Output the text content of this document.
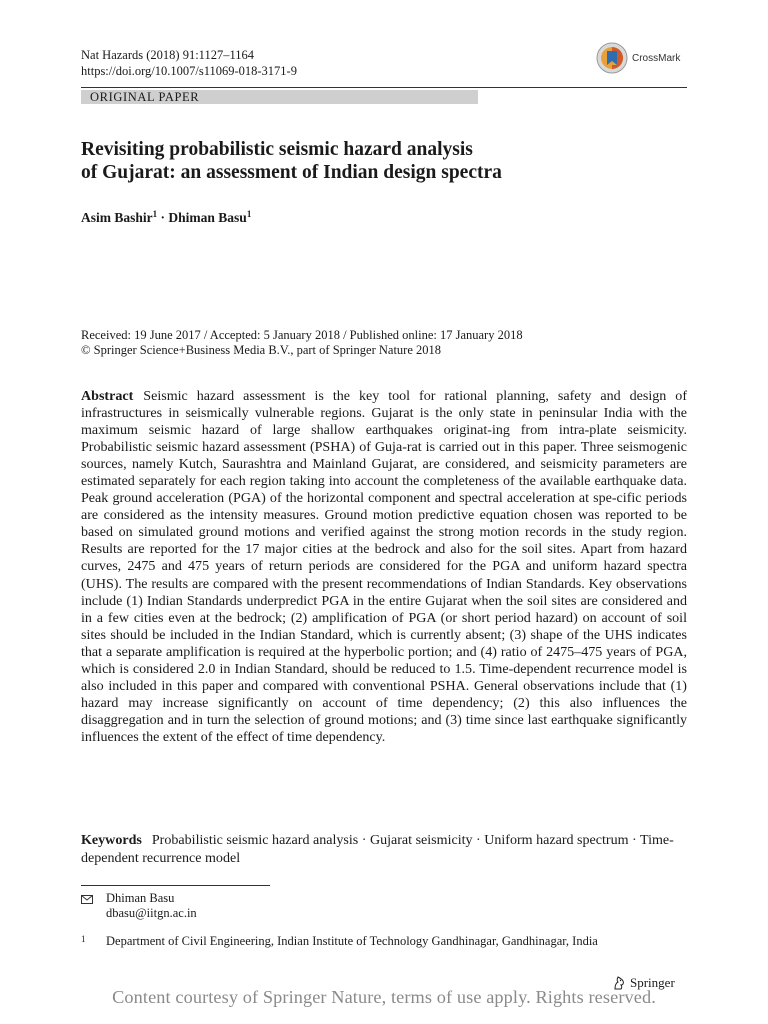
Nat Hazards (2018) 91:1127–1164
https://doi.org/10.1007/s11069-018-3171-9
CrossMark
ORIGINAL PAPER
Revisiting probabilistic seismic hazard analysis
of Gujarat: an assessment of Indian design spectra
Asim Bashir$^1$ · Dhiman Basu$^1$
Received: 19 June 2017 / Accepted: 5 January 2018 / Published online: 17 January 2018
© Springer Science+Business Media B.V., part of Springer Nature 2018
Abstract Seismic hazard assessment is the key tool for rational planning, safety and design of infrastructures in seismically vulnerable regions. Gujarat is the only state in peninsular India with the maximum seismic hazard of large shallow earthquakes originat-ing from intra-plate seismicity. Probabilistic seismic hazard assessment (PSHA) of Guja-rat is carried out in this paper. Three seismogenic sources, namely Kutch, Saurashtra and Mainland Gujarat, are considered, and seismicity parameters are estimated separately for each region taking into account the completeness of the available earthquake data. Peak ground acceleration (PGA) of the horizontal component and spectral acceleration at spe-cific periods are considered as the intensity measures. Ground motion predictive equation chosen was reported to be based on simulated ground motions and verified against the strong motion records in the study region. Results are reported for the 17 major cities at the bedrock and also for the soil sites. Apart from hazard curves, 2475 and 475 years of return periods are considered for the PGA and uniform hazard spectra (UHS). The results are compared with the present recommendations of Indian Standards. Key observations include (1) Indian Standards underpredict PGA in the entire Gujarat when the soil sites are considered and in a few cities even at the bedrock; (2) amplification of PGA (or short period hazard) on account of soil sites should be included in the Indian Standard, which is currently absent; (3) shape of the UHS indicates that a separate amplification is required at the hyperbolic portion; and (4) ratio of 2475–475 years of PGA, which is considered 2.0 in Indian Standard, should be reduced to 1.5. Time-dependent recurrence model is also included in this paper and compared with conventional PSHA. General observations include that (1) hazard may increase significantly on account of time dependency; (2) this also influences the disaggregation and in turn the selection of ground motions; and (3) time since last earthquake significantly influences the extent of the effect of time dependency.
Keywords Probabilistic seismic hazard analysis · Gujarat seismicity · Uniform hazard spectrum · Time-dependent recurrence model
Dhiman Basu
dbasu@iitgn.ac.in
1 Department of Civil Engineering, Indian Institute of Technology Gandhinagar, Gandhinagar, India
Springer
Content courtesy of Springer Nature, terms of use apply. Rights reserved.
